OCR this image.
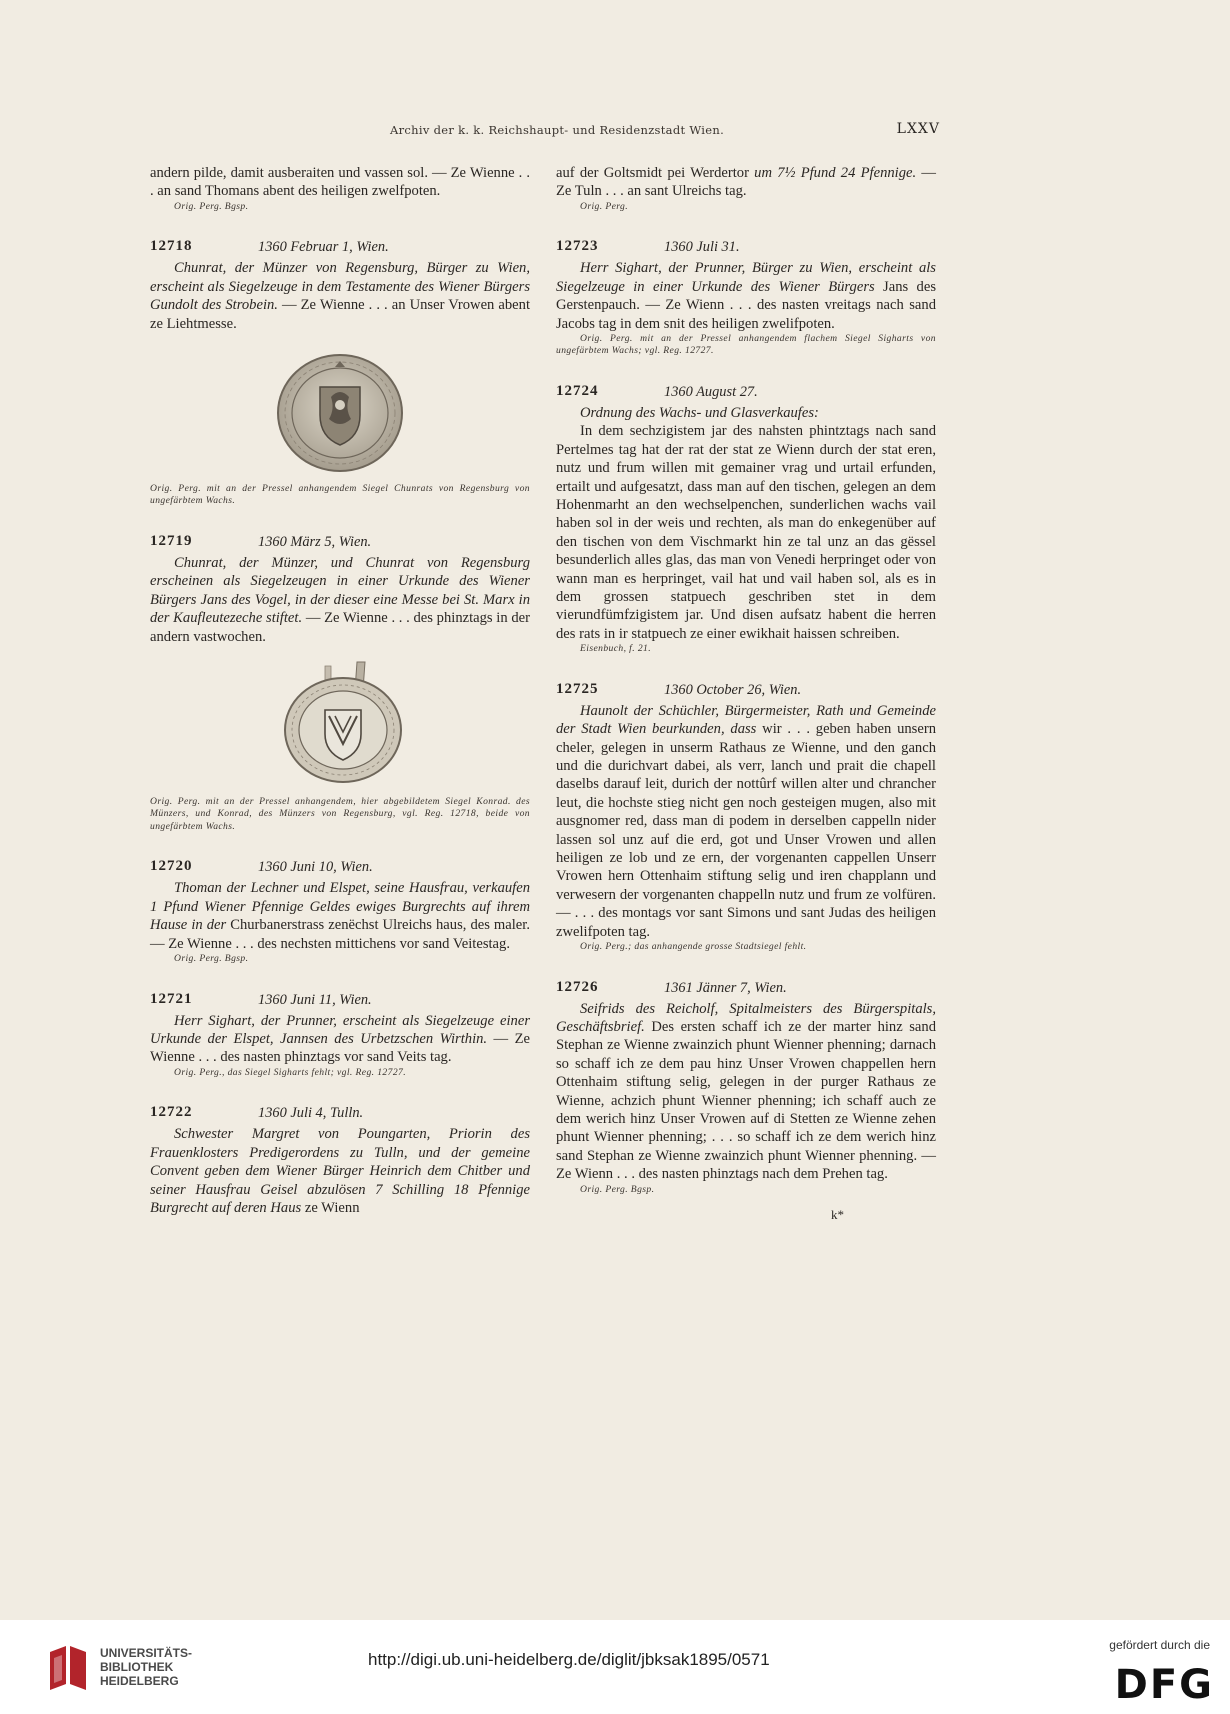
Archiv der k. k. Reichshaupt- und Residenzstadt Wien.	LXXV

andern pilde, damit ausberaiten und vassen sol. — Ze Wienne . . . an sand Thomans abent des heiligen zwelfpoten.

Orig. Perg. Bgsp.

12718	1360 Februar 1, Wien.

Chunrat, der Münzer von Regensburg, Bürger zu Wien, erscheint als Siegelzeuge in dem Testamente des Wiener Bürgers Gundolt des Strobein. — Ze Wienne . . . an Unser Vrowen abent ze Liehtmesse.

Orig. Perg. mit an der Pressel anhangendem Siegel Chunrats von Regensburg von ungefärbtem Wachs.

12719	1360 März 5, Wien.

Chunrat, der Münzer, und Chunrat von Regensburg erscheinen als Siegelzeugen in einer Urkunde des Wiener Bürgers Jans des Vogel, in der dieser eine Messe bei St. Marx in der Kaufleutezeche stiftet. — Ze Wienne . . . des phinztags in der andern vastwochen.

Orig. Perg. mit an der Pressel anhangendem, hier abgebildetem Siegel Konrad. des Münzers, und Konrad, des Münzers von Regensburg, vgl. Reg. 12718, beide von ungefärbtem Wachs.

12720	1360 Juni 10, Wien.

Thoman der Lechner und Elspet, seine Hausfrau, verkaufen 1 Pfund Wiener Pfennige Geldes ewiges Burgrechts auf ihrem Hause in der Churbanerstrass zenëchst Ulreichs haus, des maler. — Ze Wienne . . . des nechsten mittichens vor sand Veitestag.

Orig. Perg. Bgsp.

12721	1360 Juni 11, Wien.

Herr Sighart, der Prunner, erscheint als Siegelzeuge einer Urkunde der Elspet, Jannsen des Urbetzschen Wirthin. — Ze Wienne . . . des nasten phinztags vor sand Veits tag.

Orig. Perg., das Siegel Sigharts fehlt; vgl. Reg. 12727.

12722	1360 Juli 4, Tulln.

Schwester Margret von Poungarten, Priorin des Frauenklosters Predigerordens zu Tulln, und der gemeine Convent geben dem Wiener Bürger Heinrich dem Chitber und seiner Hausfrau Geisel abzulösen 7 Schilling 18 Pfennige Burgrecht auf deren Haus ze Wienn

auf der Goltsmidt pei Werdertor um 7½ Pfund 24 Pfennige. — Ze Tuln . . . an sant Ulreichs tag.

Orig. Perg.

12723	1360 Juli 31.

Herr Sighart, der Prunner, Bürger zu Wien, erscheint als Siegelzeuge in einer Urkunde des Wiener Bürgers Jans des Gerstenpauch. — Ze Wienn . . . des nasten vreitags nach sand Jacobs tag in dem snit des heiligen zwelifpoten.

Orig. Perg. mit an der Pressel anhangendem flachem Siegel Sigharts von ungefärbtem Wachs; vgl. Reg. 12727.

12724	1360 August 27.

Ordnung des Wachs- und Glasverkaufes:

In dem sechzigistem jar des nahsten phintztags nach sand Pertelmes tag hat der rat der stat ze Wienn durch der stat eren, nutz und frum willen mit gemainer vrag und urtail erfunden, ertailt und aufgesatzt, dass man auf den tischen, gelegen an dem Hohenmarht an den wechselpenchen, sunderlichen wachs vail haben sol in der weis und rechten, als man do enkegenüber auf den tischen von dem Vischmarkt hin ze tal unz an das gëssel besunderlich alles glas, das man von Venedi herpringet oder von wann man es herpringet, vail hat und vail haben sol, als es in dem grossen statpuech geschriben stet in dem vierundfümfzigistem jar. Und disen aufsatz habent die herren des rats in ir statpuech ze einer ewikhait haissen schreiben.

Eisenbuch, f. 21.

12725	1360 October 26, Wien.

Haunolt der Schüchler, Bürgermeister, Rath und Gemeinde der Stadt Wien beurkunden, dass wir . . . geben haben unsern cheler, gelegen in unserm Rathaus ze Wienne, und den ganch und die durichvart dabei, als verr, lanch und prait die chapell daselbs darauf leit, durich der nottûrf willen alter und chrancher leut, die hochste stieg nicht gen noch gesteigen mugen, also mit ausgnomer red, dass man di podem in derselben cappelln nider lassen sol unz auf die erd, got und Unser Vrowen und allen heiligen ze lob und ze ern, der vorgenanten cappellen Unserr Vrowen hern Ottenhaim stiftung selig und iren chapplann und verwesern der vorgenanten chappelln nutz und frum ze volfüren. — . . . des montags vor sant Simons und sant Judas des heiligen zwelifpoten tag.

Orig. Perg.; das anhangende grosse Stadtsiegel fehlt.

12726	1361 Jänner 7, Wien.

Seifrids des Reicholf, Spitalmeisters des Bürgerspitals, Geschäftsbrief. Des ersten schaff ich ze der marter hinz sand Stephan ze Wienne zwainzich phunt Wienner phenning; darnach so schaff ich ze dem pau hinz Unser Vrowen chappellen hern Ottenhaim stiftung selig, gelegen in der purger Rathaus ze Wienne, achzich phunt Wienner phenning; ich schaff auch ze dem werich hinz Unser Vrowen auf di Stetten ze Wienne zehen phunt Wienner phenning; . . . so schaff ich ze dem werich hinz sand Stephan ze Wienne zwainzich phunt Wienner phenning. — Ze Wienn . . . des nasten phinztags nach dem Prehen tag.

Orig. Perg. Bgsp.

k*

UNIVERSITÄTS-
BIBLIOTHEK
HEIDELBERG
http://digi.ub.uni-heidelberg.de/diglit/jbksak1895/0571
gefördert durch die
DFG
